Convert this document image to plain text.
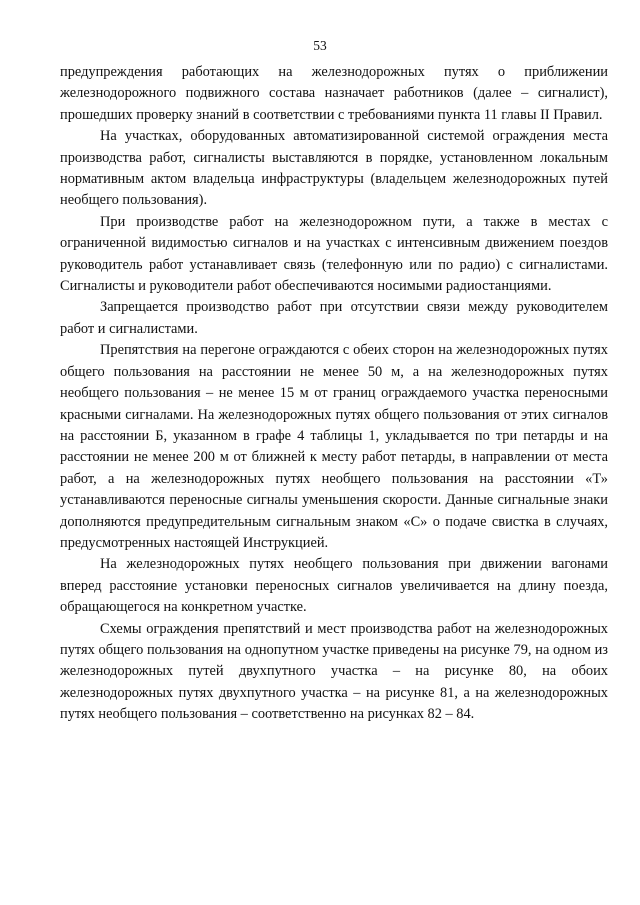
53

предупреждения работающих на железнодорожных путях о приближении железнодорожного подвижного состава назначает работников (далее – сигналист), прошедших проверку знаний в соответствии с требованиями пункта 11 главы II Правил.

На участках, оборудованных автоматизированной системой ограждения места производства работ, сигналисты выставляются в порядке, установленном локальным нормативным актом владельца инфраструктуры (владельцем железнодорожных путей необщего пользования).

При производстве работ на железнодорожном пути, а также в местах с ограниченной видимостью сигналов и на участках с интенсивным движением поездов руководитель работ устанавливает связь (телефонную или по радио) с сигналистами. Сигналисты и руководители работ обеспечиваются носимыми радиостанциями.

Запрещается производство работ при отсутствии связи между руководителем работ и сигналистами.

Препятствия на перегоне ограждаются с обеих сторон на железнодорожных путях общего пользования на расстоянии не менее 50 м, а на железнодорожных путях необщего пользования – не менее 15 м от границ ограждаемого участка переносными красными сигналами. На железнодорожных путях общего пользования от этих сигналов на расстоянии Б, указанном в графе 4 таблицы 1, укладывается по три петарды и на расстоянии не менее 200 м от ближней к месту работ петарды, в направлении от места работ, а на железнодорожных путях необщего пользования на расстоянии «Т» устанавливаются переносные сигналы уменьшения скорости. Данные сигнальные знаки дополняются предупредительным сигнальным знаком «С» о подаче свистка в случаях, предусмотренных настоящей Инструкцией.

На железнодорожных путях необщего пользования при движении вагонами вперед расстояние установки переносных сигналов увеличивается на длину поезда, обращающегося на конкретном участке.

Схемы ограждения препятствий и мест производства работ на железнодорожных путях общего пользования на однопутном участке приведены на рисунке 79, на одном из железнодорожных путей двухпутного участка – на рисунке 80, на обоих железнодорожных путях двухпутного участка – на рисунке 81, а на железнодорожных путях необщего пользования – соответственно на рисунках 82 – 84.
